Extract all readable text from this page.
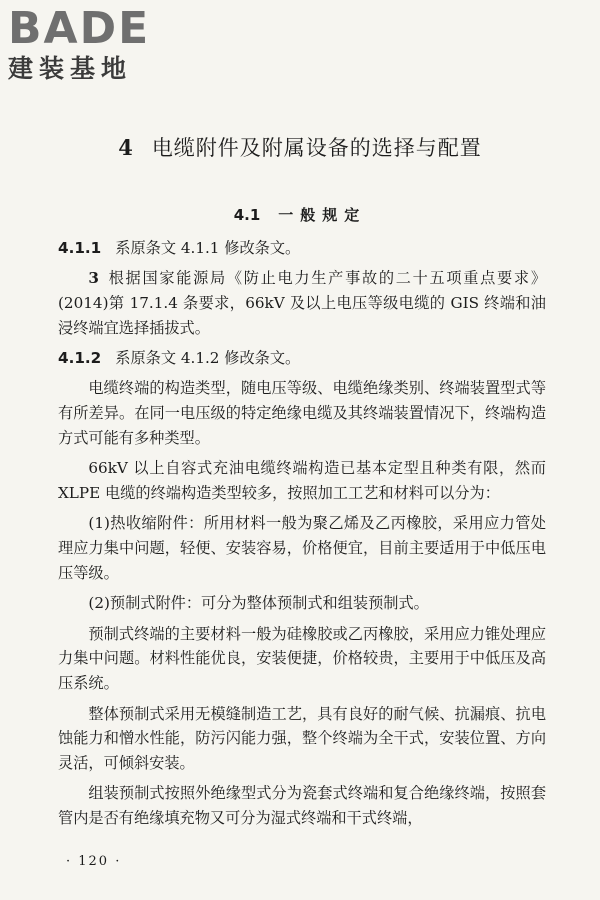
BADE
建装基地
4 电缆附件及附属设备的选择与配置
4.1 一般规定

4.1.1 系原条文 4.1.1 修改条文。

3 根据国家能源局《防止电力生产事故的二十五项重点要求》(2014)第 17.1.4 条要求，66kV 及以上电压等级电缆的 GIS 终端和油浸终端宜选择插拔式。

4.1.2 系原条文 4.1.2 修改条文。

电缆终端的构造类型，随电压等级、电缆绝缘类别、终端装置型式等有所差异。在同一电压级的特定绝缘电缆及其终端装置情况下，终端构造方式可能有多种类型。

66kV 以上自容式充油电缆终端构造已基本定型且种类有限，然而 XLPE 电缆的终端构造类型较多，按照加工工艺和材料可以分为：

(1)热收缩附件：所用材料一般为聚乙烯及乙丙橡胶，采用应力管处理应力集中问题，轻便、安装容易，价格便宜，目前主要适用于中低压电压等级。

(2)预制式附件：可分为整体预制式和组装预制式。

预制式终端的主要材料一般为硅橡胶或乙丙橡胶，采用应力锥处理应力集中问题。材料性能优良，安装便捷，价格较贵，主要用于中低压及高压系统。

整体预制式采用无模缝制造工艺，具有良好的耐气候、抗漏痕、抗电蚀能力和憎水性能，防污闪能力强，整个终端为全干式，安装位置、方向灵活，可倾斜安装。

组装预制式按照外绝缘型式分为瓷套式终端和复合绝缘终端，按照套管内是否有绝缘填充物又可分为湿式终端和干式终端，

· 120 ·
